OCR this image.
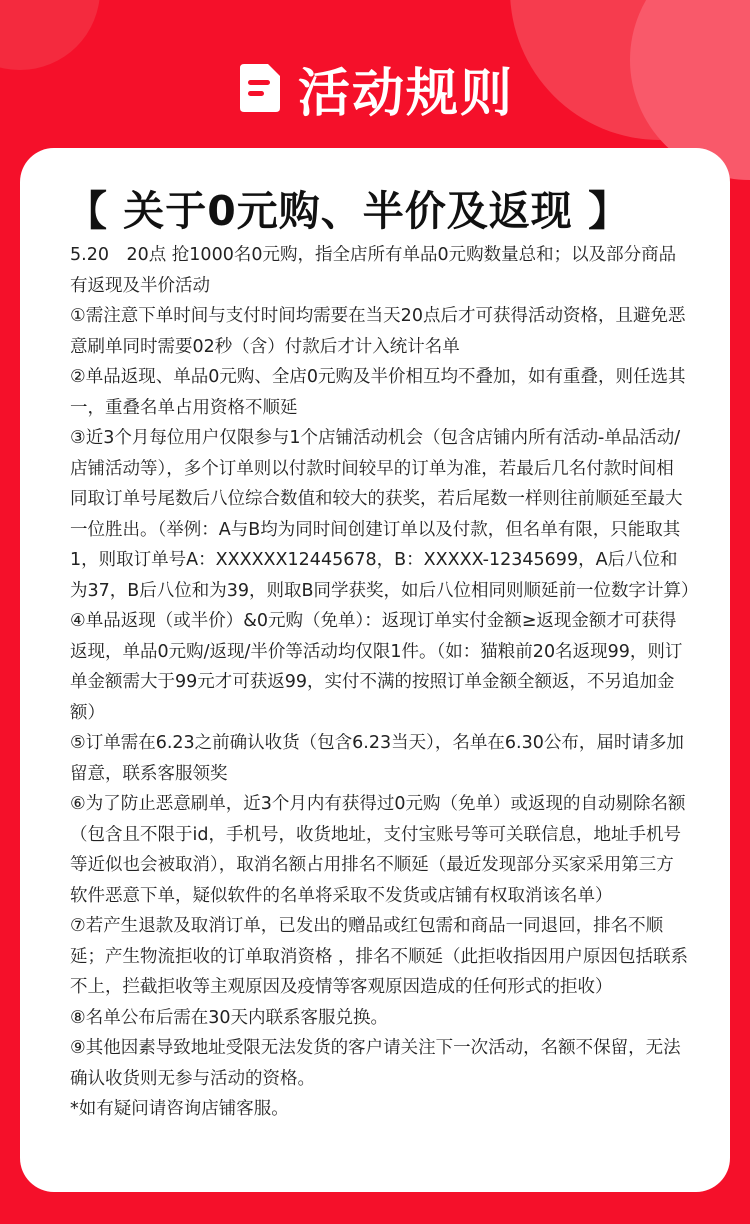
活动规则
【 关于0元购、半价及返现 】

5.20　20点 抢1000名0元购，指全店所有单品0元购数量总和；以及部分商品有返现及半价活动

①需注意下单时间与支付时间均需要在当天20点后才可获得活动资格，且避免恶意刷单同时需要02秒（含）付款后才计入统计名单

②单品返现、单品0元购、全店0元购及半价相互均不叠加，如有重叠，则任选其一，重叠名单占用资格不顺延

③近3个月每位用户仅限参与1个店铺活动机会（包含店铺内所有活动-单品活动/店铺活动等），多个订单则以付款时间较早的订单为准，若最后几名付款时间相同取订单号尾数后八位综合数值和较大的获奖，若后尾数一样则往前顺延至最大一位胜出。（举例：A与B均为同时间创建订单以及付款，但名单有限，只能取其1，则取订单号A：XXXXXX12445678，B：XXXXX-12345699，A后八位和为37，B后八位和为39，则取B同学获奖，如后八位相同则顺延前一位数字计算）

④单品返现（或半价）&0元购（免单）：返现订单实付金额≥返现金额才可获得返现，单品0元购/返现/半价等活动均仅限1件。（如：猫粮前20名返现99，则订单金额需大于99元才可获返99，实付不满的按照订单金额全额返，不另追加金额）

⑤订单需在6.23之前确认收货（包含6.23当天），名单在6.30公布，届时请多加留意，联系客服领奖

⑥为了防止恶意刷单，近3个月内有获得过0元购（免单）或返现的自动剔除名额（包含且不限于id，手机号，收货地址，支付宝账号等可关联信息，地址手机号等近似也会被取消），取消名额占用排名不顺延（最近发现部分买家采用第三方软件恶意下单，疑似软件的名单将采取不发货或店铺有权取消该名单）

⑦若产生退款及取消订单，已发出的赠品或红包需和商品一同退回，排名不顺延；产生物流拒收的订单取消资格 ，排名不顺延（此拒收指因用户原因包括联系不上，拦截拒收等主观原因及疫情等客观原因造成的任何形式的拒收）

⑧名单公布后需在30天内联系客服兑换。

⑨其他因素导致地址受限无法发货的客户请关注下一次活动，名额不保留，无法确认收货则无参与活动的资格。

*如有疑问请咨询店铺客服。
